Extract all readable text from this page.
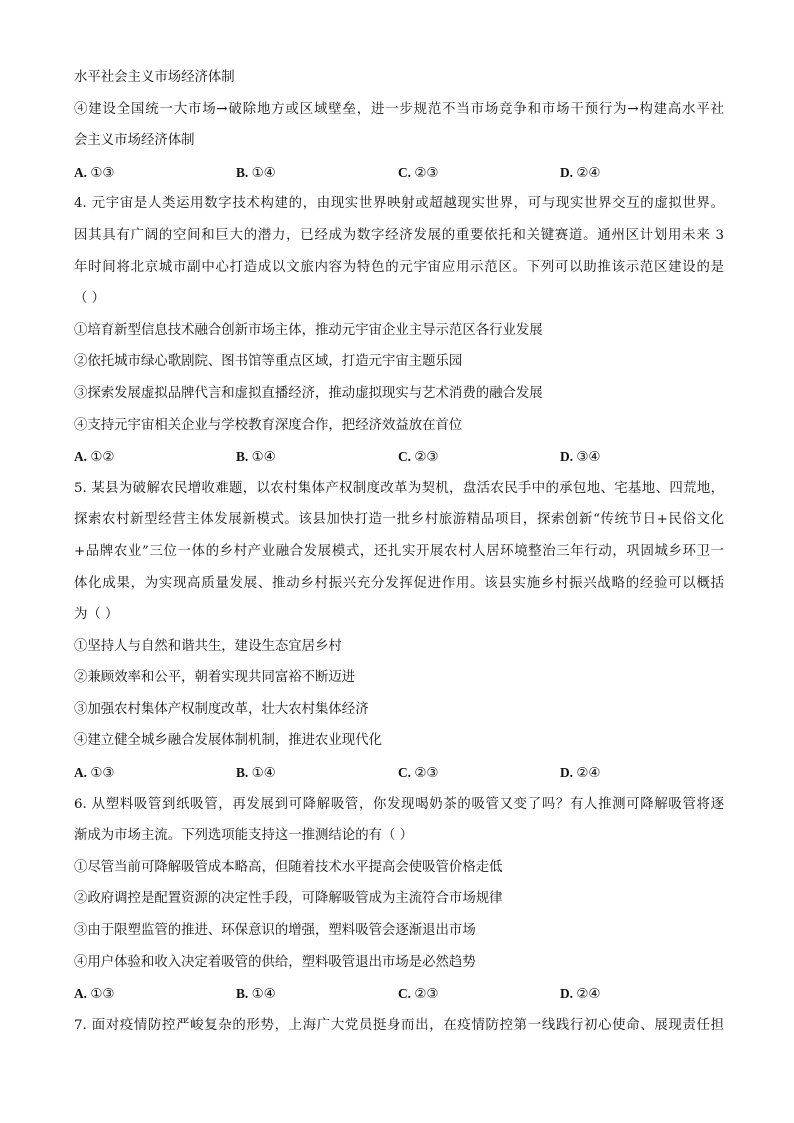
水平社会主义市场经济体制
④建设全国统一大市场→破除地方或区域壁垒，进一步规范不当市场竞争和市场干预行为→构建高水平社
会主义市场经济体制
A. ①③	B. ①④	C. ②③	D. ②④
4. 元宇宙是人类运用数字技术构建的，由现实世界映射或超越现实世界，可与现实世界交互的虚拟世界。
因其具有广阔的空间和巨大的潜力，已经成为数字经济发展的重要依托和关键赛道。通州区计划用未来 3
年时间将北京城市副中心打造成以文旅内容为特色的元宇宙应用示范区。下列可以助推该示范区建设的是
（ ）
①培育新型信息技术融合创新市场主体，推动元宇宙企业主导示范区各行业发展
②依托城市绿心歌剧院、图书馆等重点区域，打造元宇宙主题乐园
③探索发展虚拟品牌代言和虚拟直播经济，推动虚拟现实与艺术消费的融合发展
④支持元宇宙相关企业与学校教育深度合作，把经济效益放在首位
A. ①②	B. ①④	C. ②③	D. ③④
5. 某县为破解农民增收难题，以农村集体产权制度改革为契机，盘活农民手中的承包地、宅基地、四荒地，
探索农村新型经营主体发展新模式。该县加快打造一批乡村旅游精品项目，探索创新“传统节日+民俗文化
+品牌农业”三位一体的乡村产业融合发展模式，还扎实开展农村人居环境整治三年行动，巩固城乡环卫一
体化成果，为实现高质量发展、推动乡村振兴充分发挥促进作用。该县实施乡村振兴战略的经验可以概括
为（ ）
①坚持人与自然和谐共生，建设生态宜居乡村
②兼顾效率和公平，朝着实现共同富裕不断迈进
③加强农村集体产权制度改革，壮大农村集体经济
④建立健全城乡融合发展体制机制，推进农业现代化
A. ①③	B. ①④	C. ②③	D. ②④
6. 从塑料吸管到纸吸管，再发展到可降解吸管，你发现喝奶茶的吸管又变了吗？有人推测可降解吸管将逐
渐成为市场主流。下列选项能支持这一推测结论的有（ ）
①尽管当前可降解吸管成本略高，但随着技术水平提高会使吸管价格走低
②政府调控是配置资源的决定性手段，可降解吸管成为主流符合市场规律
③由于限塑监管的推进、环保意识的增强，塑料吸管会逐渐退出市场
④用户体验和收入决定着吸管的供给，塑料吸管退出市场是必然趋势
A. ①③	B. ①④	C. ②③	D. ②④
7. 面对疫情防控严峻复杂的形势，上海广大党员挺身而出，在疫情防控第一线践行初心使命、展现责任担
